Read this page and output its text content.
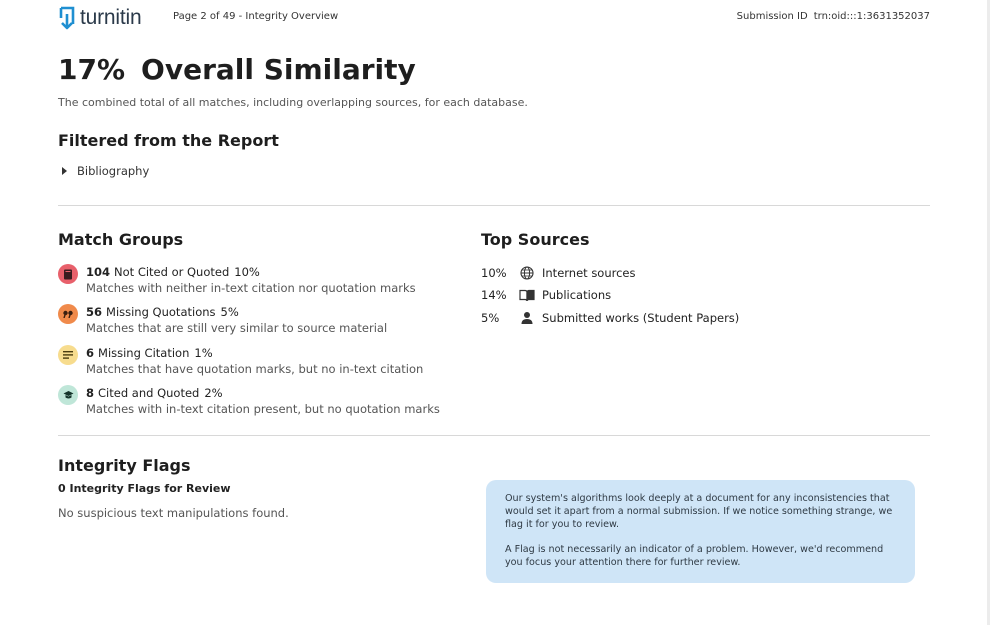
turnitin	Page 2 of 49 - Integrity Overview	Submission ID trn:oid:::1:3631352037
17% Overall Similarity
The combined total of all matches, including overlapping sources, for each database.
Filtered from the Report
Bibliography
Match Groups
104 Not Cited or Quoted 10%
Matches with neither in-text citation nor quotation marks
56 Missing Quotations 5%
Matches that are still very similar to source material
6 Missing Citation 1%
Matches that have quotation marks, but no in-text citation
8 Cited and Quoted 2%
Matches with in-text citation present, but no quotation marks
Top Sources
10%	Internet sources
14%	Publications
5%	Submitted works (Student Papers)
Integrity Flags
0 Integrity Flags for Review
No suspicious text manipulations found.

Our system's algorithms look deeply at a document for any inconsistencies that would set it apart from a normal submission. If we notice something strange, we flag it for you to review.

A Flag is not necessarily an indicator of a problem. However, we'd recommend you focus your attention there for further review.
